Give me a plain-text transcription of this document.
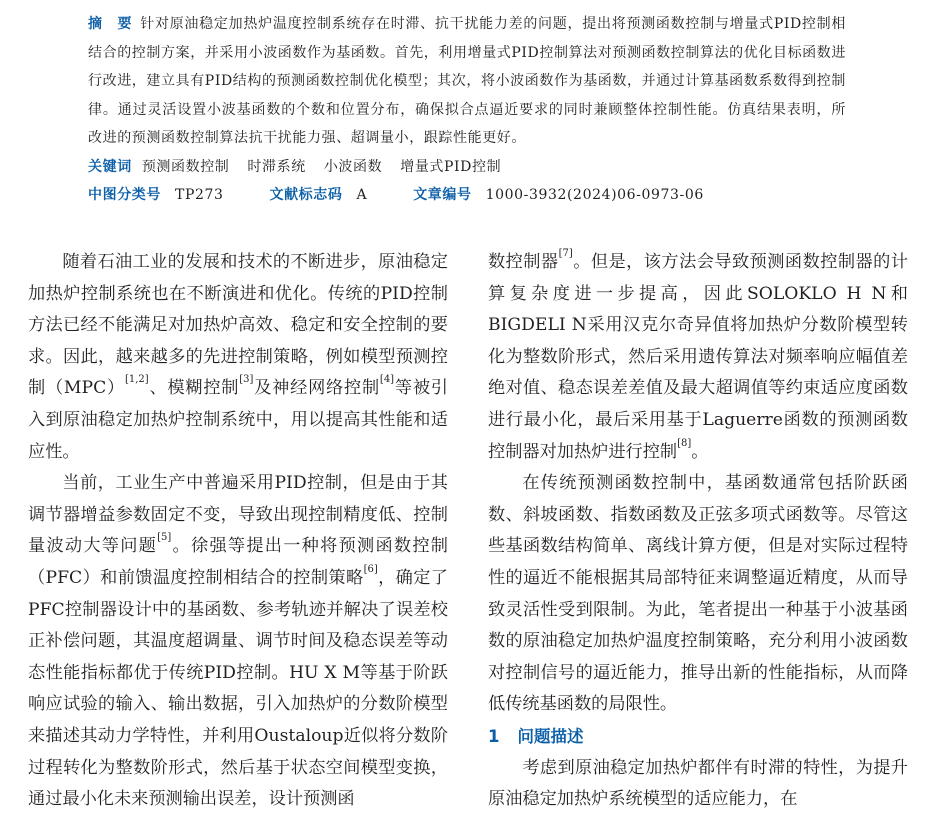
摘　要 针对原油稳定加热炉温度控制系统存在时滞、抗干扰能力差的问题，提出将预测函数控制与增量式PID控制相结合的控制方案，并采用小波函数作为基函数。首先，利用增量式PID控制算法对预测函数控制算法的优化目标函数进行改进，建立具有PID结构的预测函数控制优化模型；其次，将小波函数作为基函数，并通过计算基函数系数得到控制律。通过灵活设置小波基函数的个数和位置分布，确保拟合点逼近要求的同时兼顾整体控制性能。仿真结果表明，所改进的预测函数控制算法抗干扰能力强、超调量小，跟踪性能更好。

关键词 预测函数控制 时滞系统 小波函数 增量式PID控制

中图分类号 TP273	文献标志码 A	文章编号 1000-3932(2024)06-0973-06

随着石油工业的发展和技术的不断进步，原油稳定加热炉控制系统也在不断演进和优化。传统的PID控制方法已经不能满足对加热炉高效、稳定和安全控制的要求。因此，越来越多的先进控制策略，例如模型预测控制（MPC）[1,2]、模糊控制[3]及神经网络控制[4]等被引入到原油稳定加热炉控制系统中，用以提高其性能和适应性。

当前，工业生产中普遍采用PID控制，但是由于其调节器增益参数固定不变，导致出现控制精度低、控制量波动大等问题[5]。徐强等提出一种将预测函数控制（PFC）和前馈温度控制相结合的控制策略[6]，确定了PFC控制器设计中的基函数、参考轨迹并解决了误差校正补偿问题，其温度超调量、调节时间及稳态误差等动态性能指标都优于传统PID控制。HU X M等基于阶跃响应试验的输入、输出数据，引入加热炉的分数阶模型来描述其动力学特性，并利用Oustaloup近似将分数阶过程转化为整数阶形式，然后基于状态空间模型变换，通过最小化未来预测输出误差，设计预测函

数控制器[7]。但是，该方法会导致预测函数控制器的计算复杂度进一步提高，因此SOLOKLO H N和BIGDELI N采用汉克尔奇异值将加热炉分数阶模型转化为整数阶形式，然后采用遗传算法对频率响应幅值差绝对值、稳态误差差值及最大超调值等约束适应度函数进行最小化，最后采用基于Laguerre函数的预测函数控制器对加热炉进行控制[8]。

在传统预测函数控制中，基函数通常包括阶跃函数、斜坡函数、指数函数及正弦多项式函数等。尽管这些基函数结构简单、离线计算方便，但是对实际过程特性的逼近不能根据其局部特征来调整逼近精度，从而导致灵活性受到限制。为此，笔者提出一种基于小波基函数的原油稳定加热炉温度控制策略，充分利用小波函数对控制信号的逼近能力，推导出新的性能指标，从而降低传统基函数的局限性。

1 问题描述

考虑到原油稳定加热炉都伴有时滞的特性，为提升原油稳定加热炉系统模型的适应能力，在
